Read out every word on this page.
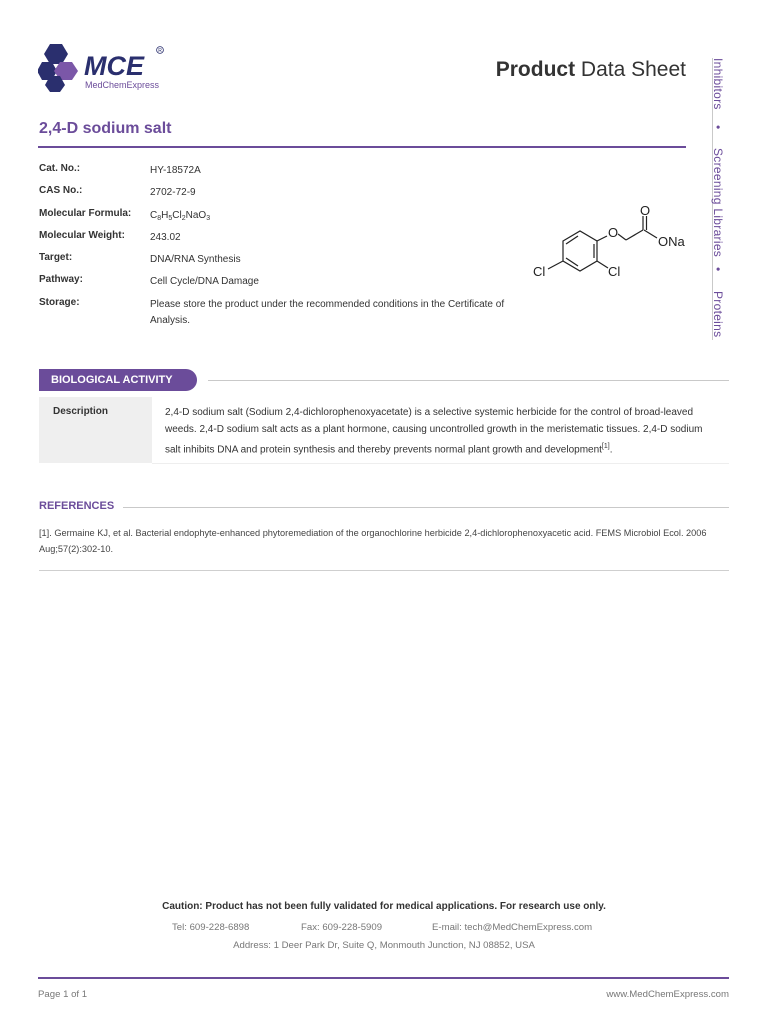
MCE	R
MedChemExpress
Product Data Sheet Inhibitors
•
Screening Libraries
•
Proteins
2,4-D sodium salt
Cat. No.:	HY-18572A
CAS No.:	2702-72-9
Molecular Formula:	$C_8H_5Cl_2NaO_3$
Molecular Weight:	243.02
Target:	DNA/RNA Synthesis
Pathway:	Cell Cycle/DNA Damage
Storage:	Please store the product under the recommended conditions in the Certificate of Analysis.
O
O
ONa
Cl	Cl
BIOLOGICAL ACTIVITY
Description	2,4-D sodium salt (Sodium 2,4-dichlorophenoxyacetate) is a selective systemic herbicide for the control of broad-leaved weeds. 2,4-D sodium salt acts as a plant hormone, causing uncontrolled growth in the meristematic tissues. 2,4-D sodium salt inhibits DNA and protein synthesis and thereby prevents normal plant growth and development[1].
REFERENCES
[1]. Germaine KJ, et al. Bacterial endophyte-enhanced phytoremediation of the organochlorine herbicide 2,4-dichlorophenoxyacetic acid. FEMS Microbiol Ecol. 2006 Aug;57(2):302-10.
Caution: Product has not been fully validated for medical applications. For research use only.
Tel: 609-228-6898	Fax: 609-228-5909	E-mail: tech@MedChemExpress.com
Address: 1 Deer Park Dr, Suite Q, Monmouth Junction, NJ 08852, USA
Page 1 of 1	www.MedChemExpress.com
